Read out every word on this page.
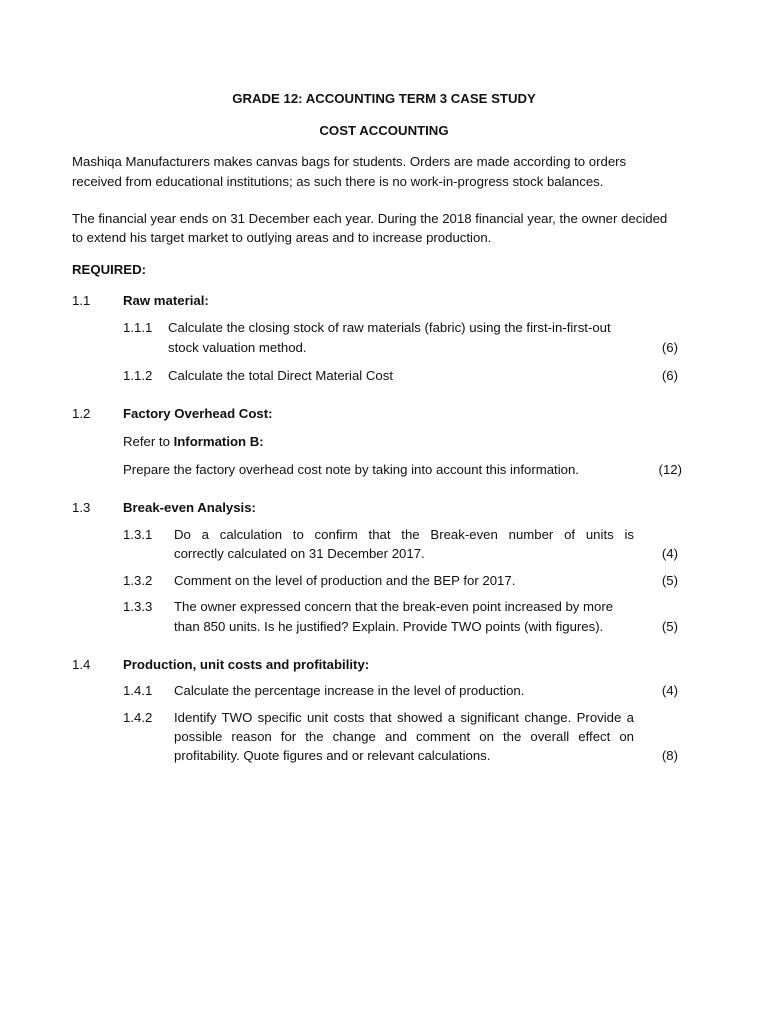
GRADE 12: ACCOUNTING TERM 3 CASE STUDY
COST ACCOUNTING
Mashiqa Manufacturers makes canvas bags for students. Orders are made according to orders
received from educational institutions; as such there is no work-in-progress stock balances.
The financial year ends on 31 December each year. During the 2018 financial year, the owner decided
to extend his target market to outlying areas and to increase production.
REQUIRED:
1.1 Raw material:
1.1.1 Calculate the closing stock of raw materials (fabric) using the first-in-first-out
stock valuation method.	(6)
1.1.2 Calculate the total Direct Material Cost	(6)
1.2 Factory Overhead Cost:
Refer to Information B:
Prepare the factory overhead cost note by taking into account this information.	(12)
1.3 Break-even Analysis:
1.3.1 Do a calculation to confirm that the Break-even number of units is
correctly calculated on 31 December 2017.	(4)
1.3.2 Comment on the level of production and the BEP for 2017.	(5)
1.3.3 The owner expressed concern that the break-even point increased by more
than 850 units. Is he justified? Explain. Provide TWO points (with figures).	(5)
1.4 Production, unit costs and profitability:
1.4.1 Calculate the percentage increase in the level of production.	(4)
1.4.2 Identify TWO specific unit costs that showed a significant change. Provide a
possible reason for the change and comment on the overall effect on
profitability. Quote figures and or relevant calculations.	(8)
